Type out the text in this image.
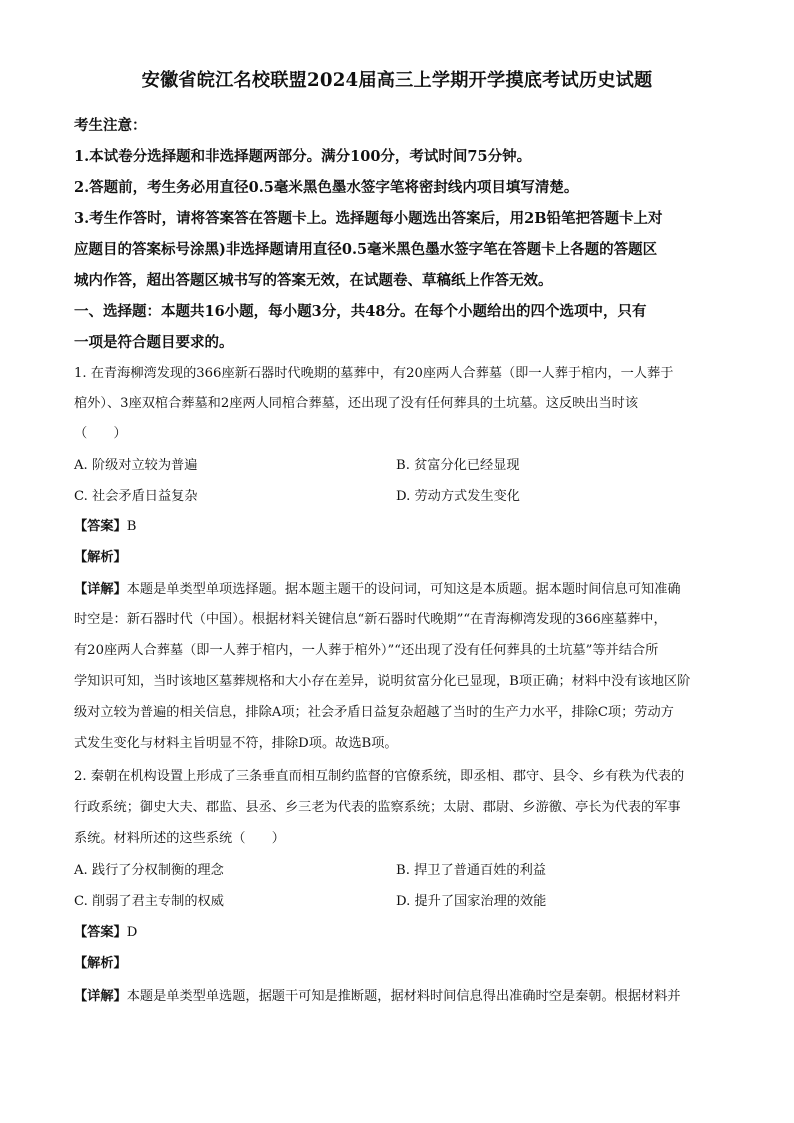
安徽省皖江名校联盟2024届高三上学期开学摸底考试历史试题
考生注意：
1.本试卷分选择题和非选择题两部分。满分100分，考试时间75分钟。
2.答题前，考生务必用直径0.5毫米黑色墨水签字笔将密封线内项目填写清楚。
3.考生作答时，请将答案答在答题卡上。选择题每小题选出答案后，用2B铅笔把答题卡上对
应题目的答案标号涂黑)非选择题请用直径0.5毫米黑色墨水签字笔在答题卡上各题的答题区
城内作答，超出答题区城书写的答案无效，在试题卷、草稿纸上作答无效。
一、选择题：本题共16小题，每小题3分，共48分。在每个小题给出的四个选项中，只有
一项是符合题目要求的。
1. 在青海柳湾发现的366座新石器时代晚期的墓葬中，有20座两人合葬墓（即一人葬于棺内，一人葬于
棺外）、3座双棺合葬墓和2座两人同棺合葬墓，还出现了没有任何葬具的土坑墓。这反映出当时该
（　　）
A. 阶级对立较为普遍	B. 贫富分化已经显现
C. 社会矛盾日益复杂	D. 劳动方式发生变化
【答案】B
【解析】
【详解】本题是单类型单项选择题。据本题主题干的设问词，可知这是本质题。据本题时间信息可知准确
时空是：新石器时代（中国）。根据材料关键信息“新石器时代晚期”“在青海柳湾发现的366座墓葬中，
有20座两人合葬墓（即一人葬于棺内，一人葬于棺外）”“还出现了没有任何葬具的土坑墓”等并结合所
学知识可知，当时该地区墓葬规格和大小存在差异，说明贫富分化已显现，B项正确；材料中没有该地区阶
级对立较为普遍的相关信息，排除A项；社会矛盾日益复杂超越了当时的生产力水平，排除C项；劳动方
式发生变化与材料主旨明显不符，排除D项。故选B项。
2. 秦朝在机构设置上形成了三条垂直而相互制约监督的官僚系统，即丞相、郡守、县令、乡有秩为代表的
行政系统；御史大夫、郡监、县丞、乡三老为代表的监察系统；太尉、郡尉、乡游徼、亭长为代表的军事
系统。材料所述的这些系统（　　）
A. 践行了分权制衡的理念	B. 捍卫了普通百姓的利益
C. 削弱了君主专制的权威	D. 提升了国家治理的效能
【答案】D
【解析】
【详解】本题是单类型单选题，据题干可知是推断题，据材料时间信息得出准确时空是秦朝。根据材料并
